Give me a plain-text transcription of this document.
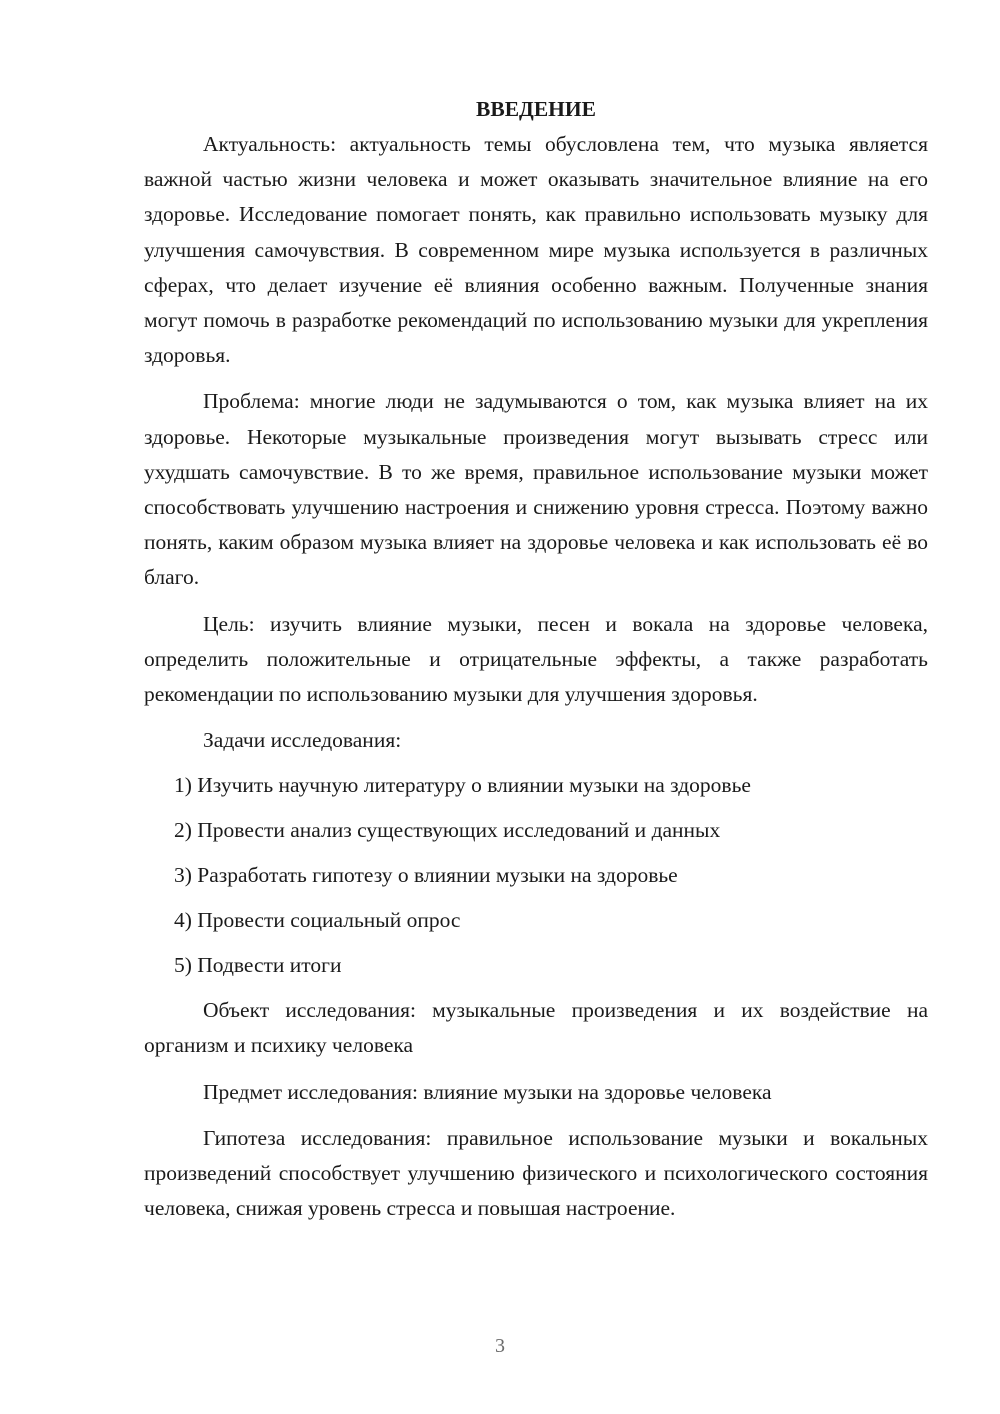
ВВЕДЕНИЕ

Актуальность: актуальность темы обусловлена тем, что музыка является важной частью жизни человека и может оказывать значительное влияние на его здоровье. Исследование помогает понять, как правильно использовать музыку для улучшения самочувствия. В современном мире музыка используется в различных сферах, что делает изучение её влияния особенно важным. Полученные знания могут помочь в разработке рекомендаций по использованию музыки для укрепления здоровья.

Проблема: многие люди не задумываются о том, как музыка влияет на их здоровье. Некоторые музыкальные произведения могут вызывать стресс или ухудшать самочувствие. В то же время, правильное использование музыки может способствовать улучшению настроения и снижению уровня стресса. Поэтому важно понять, каким образом музыка влияет на здоровье человека и как использовать её во благо.

Цель: изучить влияние музыки, песен и вокала на здоровье человека, определить положительные и отрицательные эффекты, а также разработать рекомендации по использованию музыки для улучшения здоровья.

Задачи исследования:

1) Изучить научную литературу о влиянии музыки на здоровье

2) Провести анализ существующих исследований и данных

3) Разработать гипотезу о влиянии музыки на здоровье

4) Провести социальный опрос

5) Подвести итоги

Объект исследования: музыкальные произведения и их воздействие на организм и психику человека

Предмет исследования: влияние музыки на здоровье человека

Гипотеза исследования: правильное использование музыки и вокальных произведений способствует улучшению физического и психологического состояния человека, снижая уровень стресса и повышая настроение.

3
